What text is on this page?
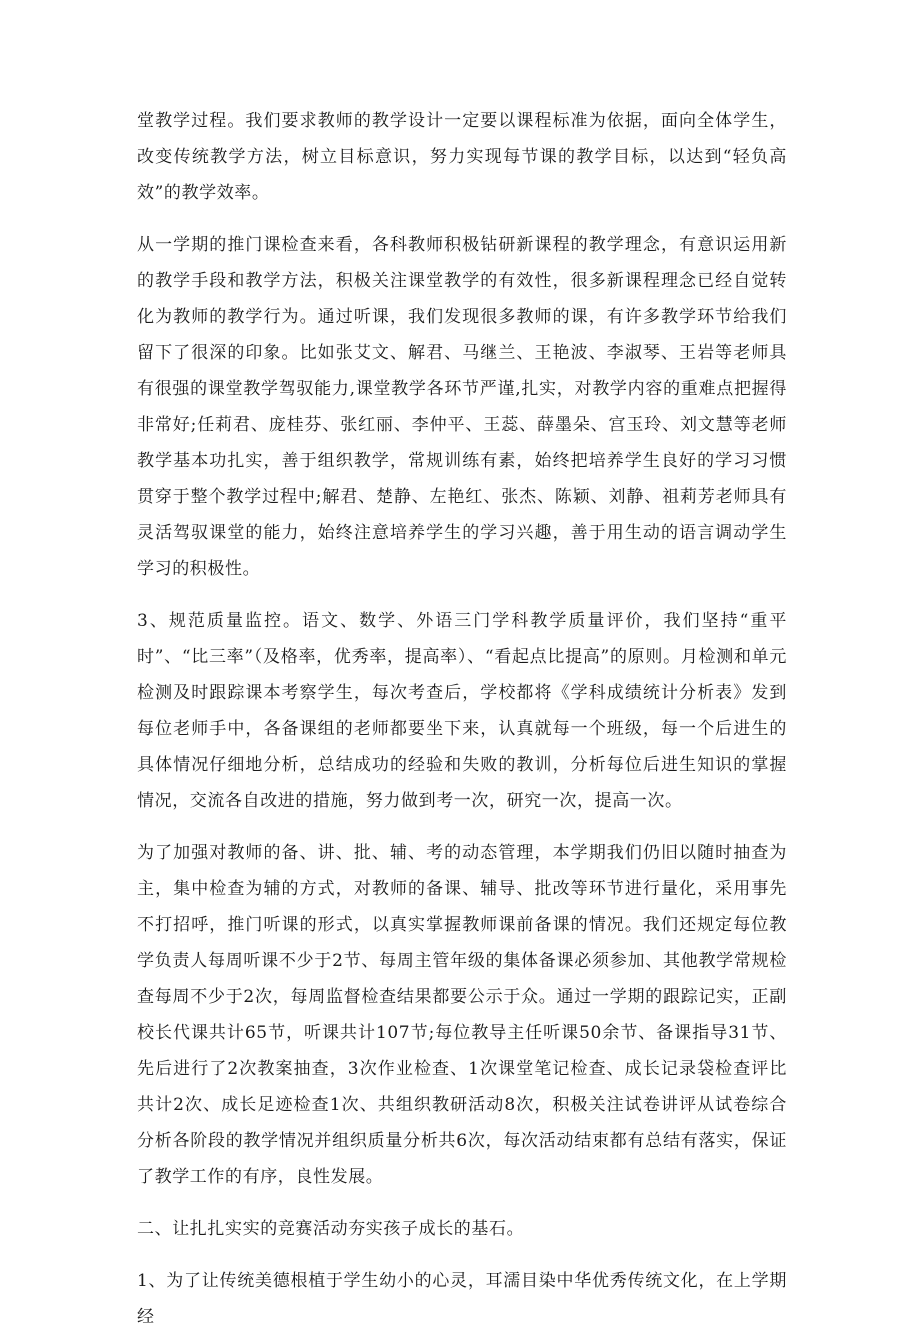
堂教学过程。我们要求教师的教学设计一定要以课程标准为依据，面向全体学生，改变传统教学方法，树立目标意识，努力实现每节课的教学目标，以达到“轻负高效”的教学效率。

从一学期的推门课检查来看，各科教师积极钻研新课程的教学理念，有意识运用新的教学手段和教学方法，积极关注课堂教学的有效性，很多新课程理念已经自觉转化为教师的教学行为。通过听课，我们发现很多教师的课，有许多教学环节给我们留下了很深的印象。比如张艾文、解君、马继兰、王艳波、李淑琴、王岩等老师具有很强的课堂教学驾驭能力,课堂教学各环节严谨,扎实，对教学内容的重难点把握得非常好;任莉君、庞桂芬、张红丽、李仲平、王蕊、薛墨朵、宫玉玲、刘文慧等老师教学基本功扎实，善于组织教学，常规训练有素，始终把培养学生良好的学习习惯贯穿于整个教学过程中;解君、楚静、左艳红、张杰、陈颖、刘静、祖莉芳老师具有灵活驾驭课堂的能力，始终注意培养学生的学习兴趣，善于用生动的语言调动学生学习的积极性。

3、规范质量监控。语文、数学、外语三门学科教学质量评价，我们坚持“重平时”、“比三率”（及格率，优秀率，提高率）、“看起点比提高”的原则。月检测和单元检测及时跟踪课本考察学生，每次考查后，学校都将《学科成绩统计分析表》发到每位老师手中，各备课组的老师都要坐下来，认真就每一个班级，每一个后进生的具体情况仔细地分析，总结成功的经验和失败的教训，分析每位后进生知识的掌握情况，交流各自改进的措施，努力做到考一次，研究一次，提高一次。

为了加强对教师的备、讲、批、辅、考的动态管理，本学期我们仍旧以随时抽查为主，集中检查为辅的方式，对教师的备课、辅导、批改等环节进行量化，采用事先不打招呼，推门听课的形式，以真实掌握教师课前备课的情况。我们还规定每位教学负责人每周听课不少于2节、每周主管年级的集体备课必须参加、其他教学常规检查每周不少于2次，每周监督检查结果都要公示于众。通过一学期的跟踪记实，正副校长代课共计65节，听课共计107节;每位教导主任听课50余节、备课指导31节、先后进行了2次教案抽查，3次作业检查、1次课堂笔记检查、成长记录袋检查评比共计2次、成长足迹检查1次、共组织教研活动8次，积极关注试卷讲评从试卷综合分析各阶段的教学情况并组织质量分析共6次，每次活动结束都有总结有落实，保证了教学工作的有序，良性发展。

二、让扎扎实实的竞赛活动夯实孩子成长的基石。

1、为了让传统美德根植于学生幼小的心灵，耳濡目染中华优秀传统文化，在上学期经
